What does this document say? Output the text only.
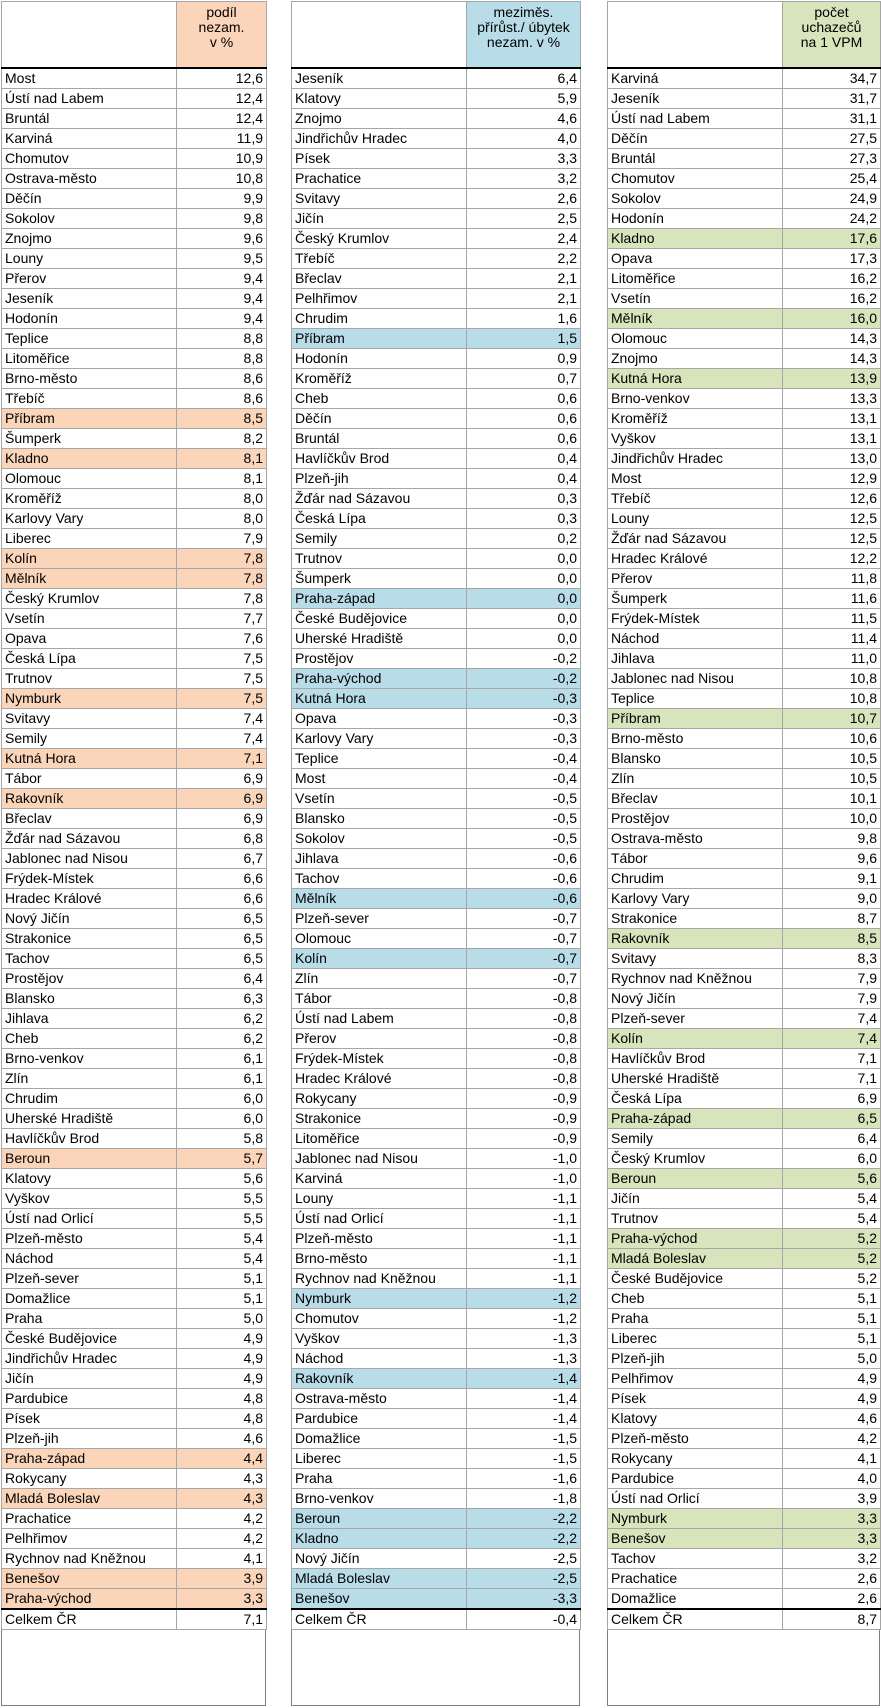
	podíl
nezam.
v %

Most	12,6
Ústí nad Labem	12,4
Bruntál	12,4
Karviná	11,9
Chomutov	10,9
Ostrava-město	10,8
Děčín	9,9
Sokolov	9,8
Znojmo	9,6
Louny	9,5
Přerov	9,4
Jeseník	9,4
Hodonín	9,4
Teplice	8,8
Litoměřice	8,8
Brno-město	8,6
Třebíč	8,6
Příbram	8,5
Šumperk	8,2
Kladno	8,1
Olomouc	8,1
Kroměříž	8,0
Karlovy Vary	8,0
Liberec	7,9
Kolín	7,8
Mělník	7,8
Český Krumlov	7,8
Vsetín	7,7
Opava	7,6
Česká Lípa	7,5
Trutnov	7,5
Nymburk	7,5
Svitavy	7,4
Semily	7,4
Kutná Hora	7,1
Tábor	6,9
Rakovník	6,9
Břeclav	6,9
Žďár nad Sázavou	6,8
Jablonec nad Nisou	6,7
Frýdek-Místek	6,6
Hradec Králové	6,6
Nový Jičín	6,5
Strakonice	6,5
Tachov	6,5
Prostějov	6,4
Blansko	6,3
Jihlava	6,2
Cheb	6,2
Brno-venkov	6,1
Zlín	6,1
Chrudim	6,0
Uherské Hradiště	6,0
Havlíčkův Brod	5,8
Beroun	5,7
Klatovy	5,6
Vyškov	5,5
Ústí nad Orlicí	5,5
Plzeň-město	5,4
Náchod	5,4
Plzeň-sever	5,1
Domažlice	5,1
Praha	5,0
České Budějovice	4,9
Jindřichův Hradec	4,9
Jičín	4,9
Pardubice	4,8
Písek	4,8
Plzeň-jih	4,6
Praha-západ	4,4
Rokycany	4,3
Mladá Boleslav	4,3
Prachatice	4,2
Pelhřimov	4,2
Rychnov nad Kněžnou	4,1
Benešov	3,9
Praha-východ	3,3
Celkem ČR	7,1

	meziměs.
přírůst./ úbytek
nezam. v %

Jeseník	6,4
Klatovy	5,9
Znojmo	4,6
Jindřichův Hradec	4,0
Písek	3,3
Prachatice	3,2
Svitavy	2,6
Jičín	2,5
Český Krumlov	2,4
Třebíč	2,2
Břeclav	2,1
Pelhřimov	2,1
Chrudim	1,6
Příbram	1,5
Hodonín	0,9
Kroměříž	0,7
Cheb	0,6
Děčín	0,6
Bruntál	0,6
Havlíčkův Brod	0,4
Plzeň-jih	0,4
Žďár nad Sázavou	0,3
Česká Lípa	0,3
Semily	0,2
Trutnov	0,0
Šumperk	0,0
Praha-západ	0,0
České Budějovice	0,0
Uherské Hradiště	0,0
Prostějov	-0,2
Praha-východ	-0,2
Kutná Hora	-0,3
Opava	-0,3
Karlovy Vary	-0,3
Teplice	-0,4
Most	-0,4
Vsetín	-0,5
Blansko	-0,5
Sokolov	-0,5
Jihlava	-0,6
Tachov	-0,6
Mělník	-0,6
Plzeň-sever	-0,7
Olomouc	-0,7
Kolín	-0,7
Zlín	-0,7
Tábor	-0,8
Ústí nad Labem	-0,8
Přerov	-0,8
Frýdek-Místek	-0,8
Hradec Králové	-0,8
Rokycany	-0,9
Strakonice	-0,9
Litoměřice	-0,9
Jablonec nad Nisou	-1,0
Karviná	-1,0
Louny	-1,1
Ústí nad Orlicí	-1,1
Plzeň-město	-1,1
Brno-město	-1,1
Rychnov nad Kněžnou	-1,1
Nymburk	-1,2
Chomutov	-1,2
Vyškov	-1,3
Náchod	-1,3
Rakovník	-1,4
Ostrava-město	-1,4
Pardubice	-1,4
Domažlice	-1,5
Liberec	-1,5
Praha	-1,6
Brno-venkov	-1,8
Beroun	-2,2
Kladno	-2,2
Nový Jičín	-2,5
Mladá Boleslav	-2,5
Benešov	-3,3
Celkem ČR	-0,4

	počet
uchazečů
na 1 VPM

Karviná	34,7
Jeseník	31,7
Ústí nad Labem	31,1
Děčín	27,5
Bruntál	27,3
Chomutov	25,4
Sokolov	24,9
Hodonín	24,2
Kladno	17,6
Opava	17,3
Litoměřice	16,2
Vsetín	16,2
Mělník	16,0
Olomouc	14,3
Znojmo	14,3
Kutná Hora	13,9
Brno-venkov	13,3
Kroměříž	13,1
Vyškov	13,1
Jindřichův Hradec	13,0
Most	12,9
Třebíč	12,6
Louny	12,5
Žďár nad Sázavou	12,5
Hradec Králové	12,2
Přerov	11,8
Šumperk	11,6
Frýdek-Místek	11,5
Náchod	11,4
Jihlava	11,0
Jablonec nad Nisou	10,8
Teplice	10,8
Příbram	10,7
Brno-město	10,6
Blansko	10,5
Zlín	10,5
Břeclav	10,1
Prostějov	10,0
Ostrava-město	9,8
Tábor	9,6
Chrudim	9,1
Karlovy Vary	9,0
Strakonice	8,7
Rakovník	8,5
Svitavy	8,3
Rychnov nad Kněžnou	7,9
Nový Jičín	7,9
Plzeň-sever	7,4
Kolín	7,4
Havlíčkův Brod	7,1
Uherské Hradiště	7,1
Česká Lípa	6,9
Praha-západ	6,5
Semily	6,4
Český Krumlov	6,0
Beroun	5,6
Jičín	5,4
Trutnov	5,4
Praha-východ	5,2
Mladá Boleslav	5,2
České Budějovice	5,2
Cheb	5,1
Praha	5,1
Liberec	5,1
Plzeň-jih	5,0
Pelhřimov	4,9
Písek	4,9
Klatovy	4,6
Plzeň-město	4,2
Rokycany	4,1
Pardubice	4,0
Ústí nad Orlicí	3,9
Nymburk	3,3
Benešov	3,3
Tachov	3,2
Prachatice	2,6
Domažlice	2,6
Celkem ČR	8,7
